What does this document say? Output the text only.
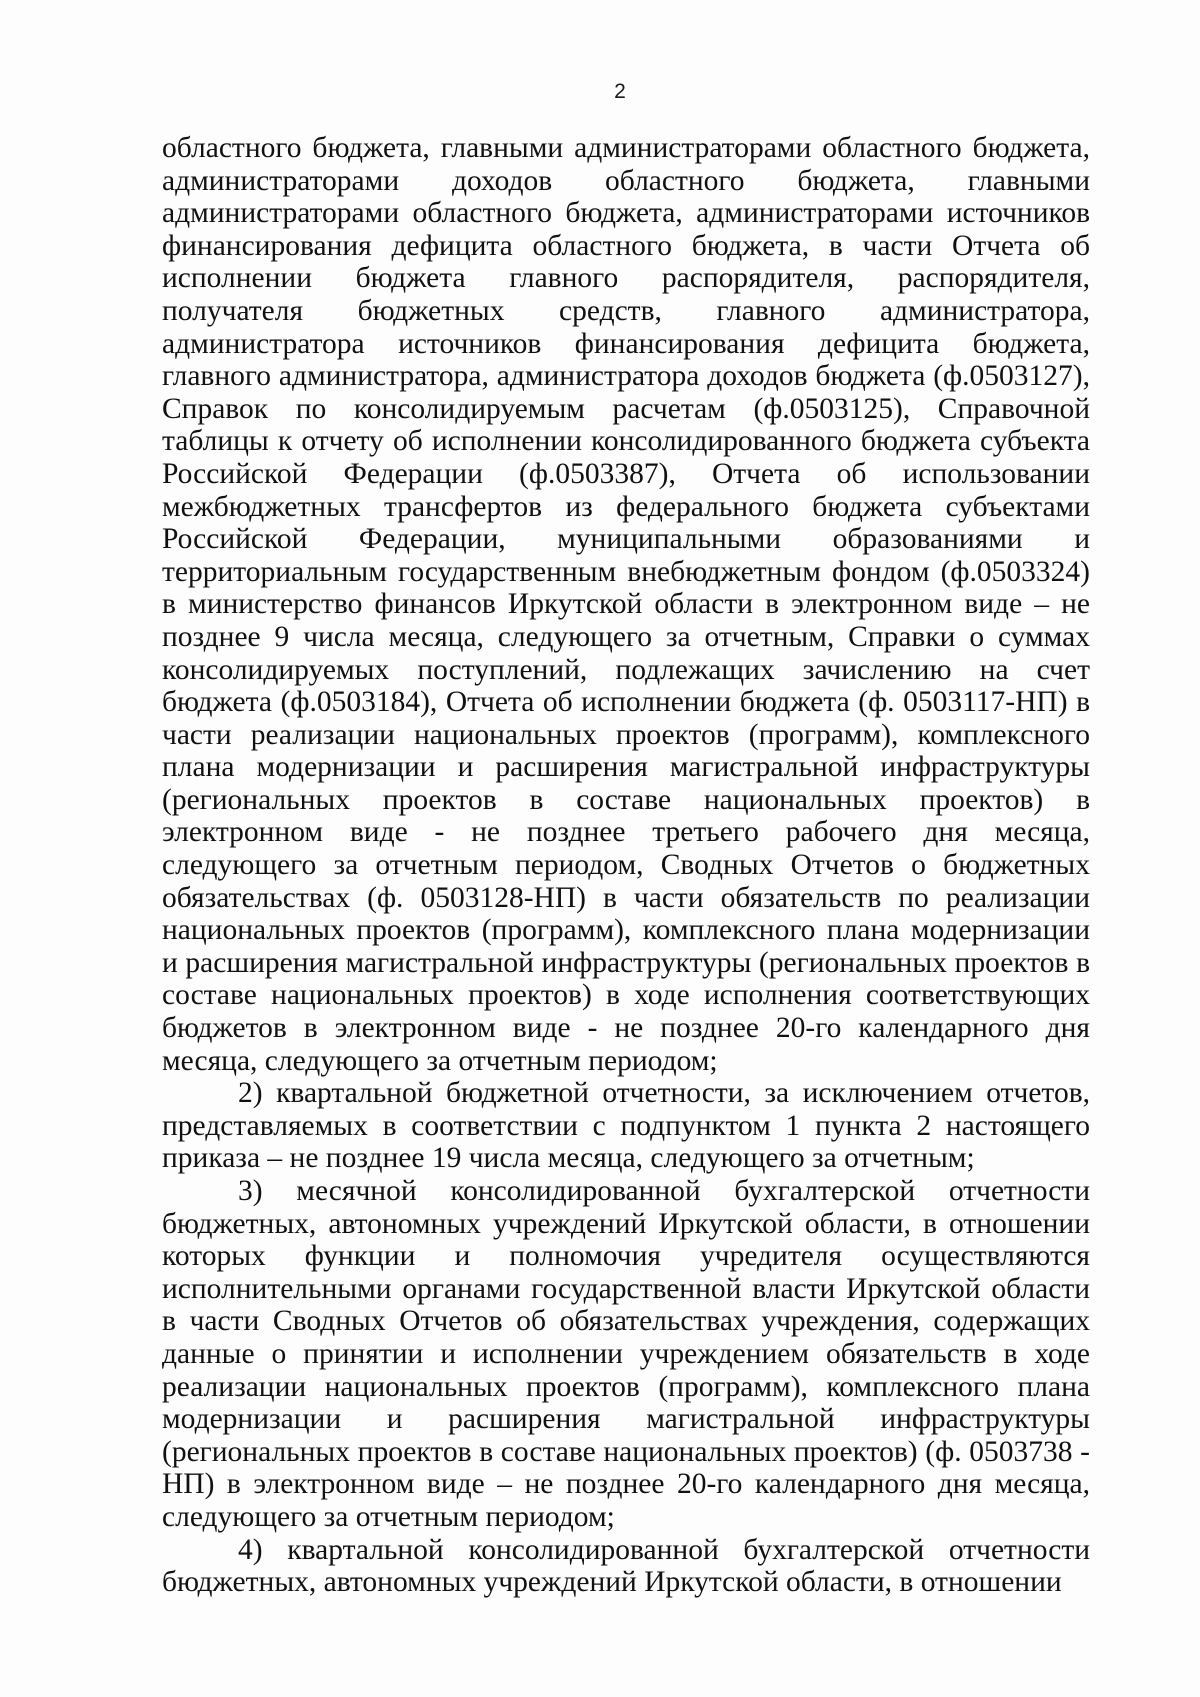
2

областного бюджета, главными администраторами областного бюджета, администраторами доходов областного бюджета, главными администраторами областного бюджета, администраторами источников финансирования дефицита областного бюджета, в части Отчета об исполнении бюджета главного распорядителя, распорядителя, получателя бюджетных средств, главного администратора, администратора источников финансирования дефицита бюджета, главного администратора, администратора доходов бюджета (ф.0503127), Справок по консолидируемым расчетам (ф.0503125), Справочной таблицы к отчету об исполнении консолидированного бюджета субъекта Российской Федерации (ф.0503387), Отчета об использовании межбюджетных трансфертов из федерального бюджета субъектами Российской Федерации, муниципальными образованиями и территориальным государственным внебюджетным фондом (ф.0503324) в министерство финансов Иркутской области в электронном виде – не позднее 9 числа месяца, следующего за отчетным, Справки о суммах консолидируемых поступлений, подлежащих зачислению на счет бюджета (ф.0503184), Отчета об исполнении бюджета (ф. 0503117-НП) в части реализации национальных проектов (программ), комплексного плана модернизации и расширения магистральной инфраструктуры (региональных проектов в составе национальных проектов) в электронном виде - не позднее третьего рабочего дня месяца, следующего за отчетным периодом, Сводных Отчетов о бюджетных обязательствах (ф. 0503128-НП) в части обязательств по реализации национальных проектов (программ), комплексного плана модернизации и расширения магистральной инфраструктуры (региональных проектов в составе национальных проектов) в ходе исполнения соответствующих бюджетов в электронном виде - не позднее 20-го календарного дня месяца, следующего за отчетным периодом;

2) квартальной бюджетной отчетности, за исключением отчетов, представляемых в соответствии с подпунктом 1 пункта 2 настоящего приказа – не позднее 19 числа месяца, следующего за отчетным;

3) месячной консолидированной бухгалтерской отчетности бюджетных, автономных учреждений Иркутской области, в отношении которых функции и полномочия учредителя осуществляются исполнительными органами государственной власти Иркутской области в части Сводных Отчетов об обязательствах учреждения, содержащих данные о принятии и исполнении учреждением обязательств в ходе реализации национальных проектов (программ), комплексного плана модернизации и расширения магистральной инфраструктуры (региональных проектов в составе национальных проектов) (ф. 0503738 - НП) в электронном виде – не позднее 20-го календарного дня месяца, следующего за отчетным периодом;

4) квартальной консолидированной бухгалтерской отчетности бюджетных, автономных учреждений Иркутской области, в отношении
